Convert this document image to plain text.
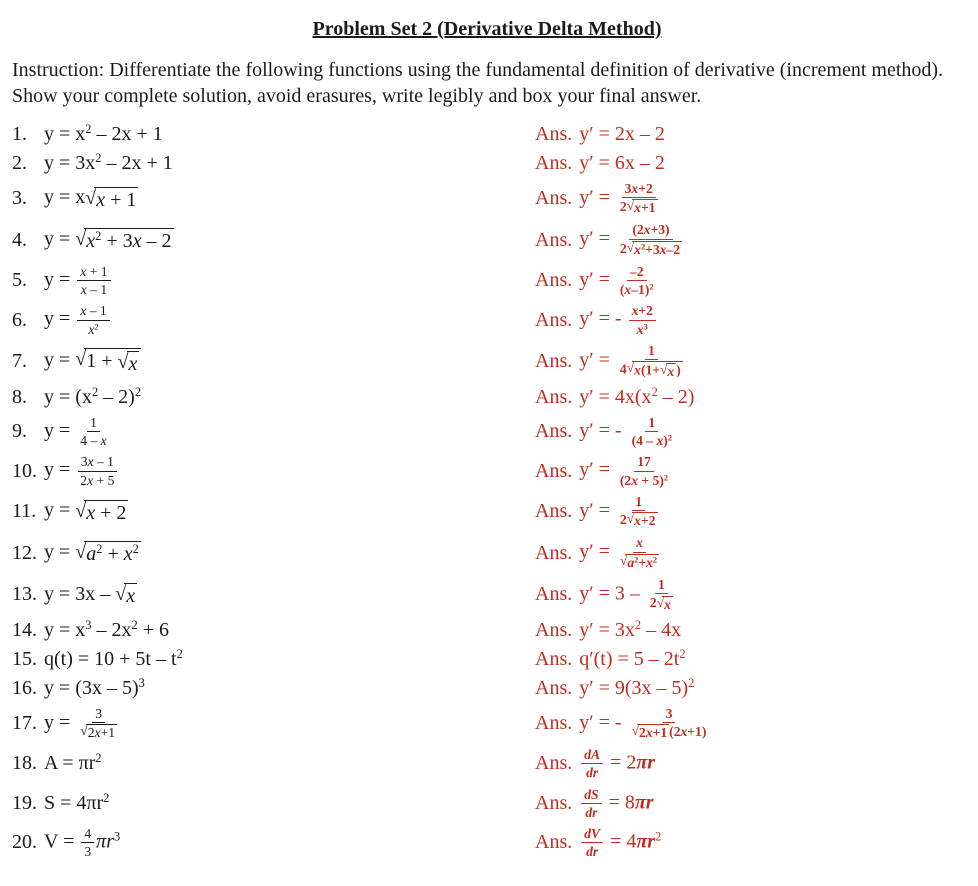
Problem Set 2 (Derivative Delta Method)
Instruction: Differentiate the following functions using the fundamental definition of derivative (increment method). Show your complete solution, avoid erasures, write legibly and box your final answer.
1. $y = x^2 - 2x + 1$	Ans. y′ = 2x – 2
2. $y = 3x^2 - 2x + 1$	Ans. y′ = 6x – 2
3. y = x √ x + 1	Ans. $y' = \frac{3x+2}{2 √ x+1}$
4. y = √ $x^2 + 3x - 2$	Ans. $y' = \frac{(2x+3)}{2 √ x^2+3x-2}$
5. $y = \frac{x + 1}{x - 1}$	Ans. $y' = \frac{-2}{(x-1)^2}$
6. $y = \frac{x - 1}{x^2}$	Ans. y′ = - $\frac{x+2}{x^3}$
7. y = √ 1 + √ x	Ans. $y' = \frac{1}{4 √ x(1+ √ x )}$
8. $y = (x^2 - 2)^2$	Ans. $y' = 4x(x^2 - 2)$
9. $y = \frac{1}{4 - x}$	Ans. y′ = - $\frac{1}{(4 - x)^2}$
10. $y = \frac{3x - 1}{2x + 5}$	Ans. $y' = \frac{17}{(2x + 5)^2}$
11. y = √ x + 2	Ans. $y' = \frac{1}{2 √ x+2}$
12. y = √ $a^2 + x^2$	Ans. $y' = \frac{x}{√ a^2+x^2}$
13. y = 3x – √ x	Ans. $y' = 3 - \frac{1}{2 √ x}$
14. $y = x^3 - 2x^2 + 6$	Ans. $y' = 3x^2 - 4x$
15. $q(t) = 10 + 5t - t^2$	Ans. $q'(t) = 5 - 2t^2$
16. y = (3x – 5)$^3$	Ans. y′ = 9(3x – 5)$^2$
17. $y = \frac{3}{√ 2x+1}$	Ans. y′ = - $\frac{3}{√ 2x+1 (2x+1)}$
18. $A = \pi r^2$	Ans. $\frac{dA}{dr} = 2\pi r$
19. $S = 4\pi r^2$	Ans. $\frac{dS}{dr} = 8\pi r$
20. $V = \frac{4}{3} \pi r^3$	Ans. $\frac{dV}{dr} = 4\pi r^2$
